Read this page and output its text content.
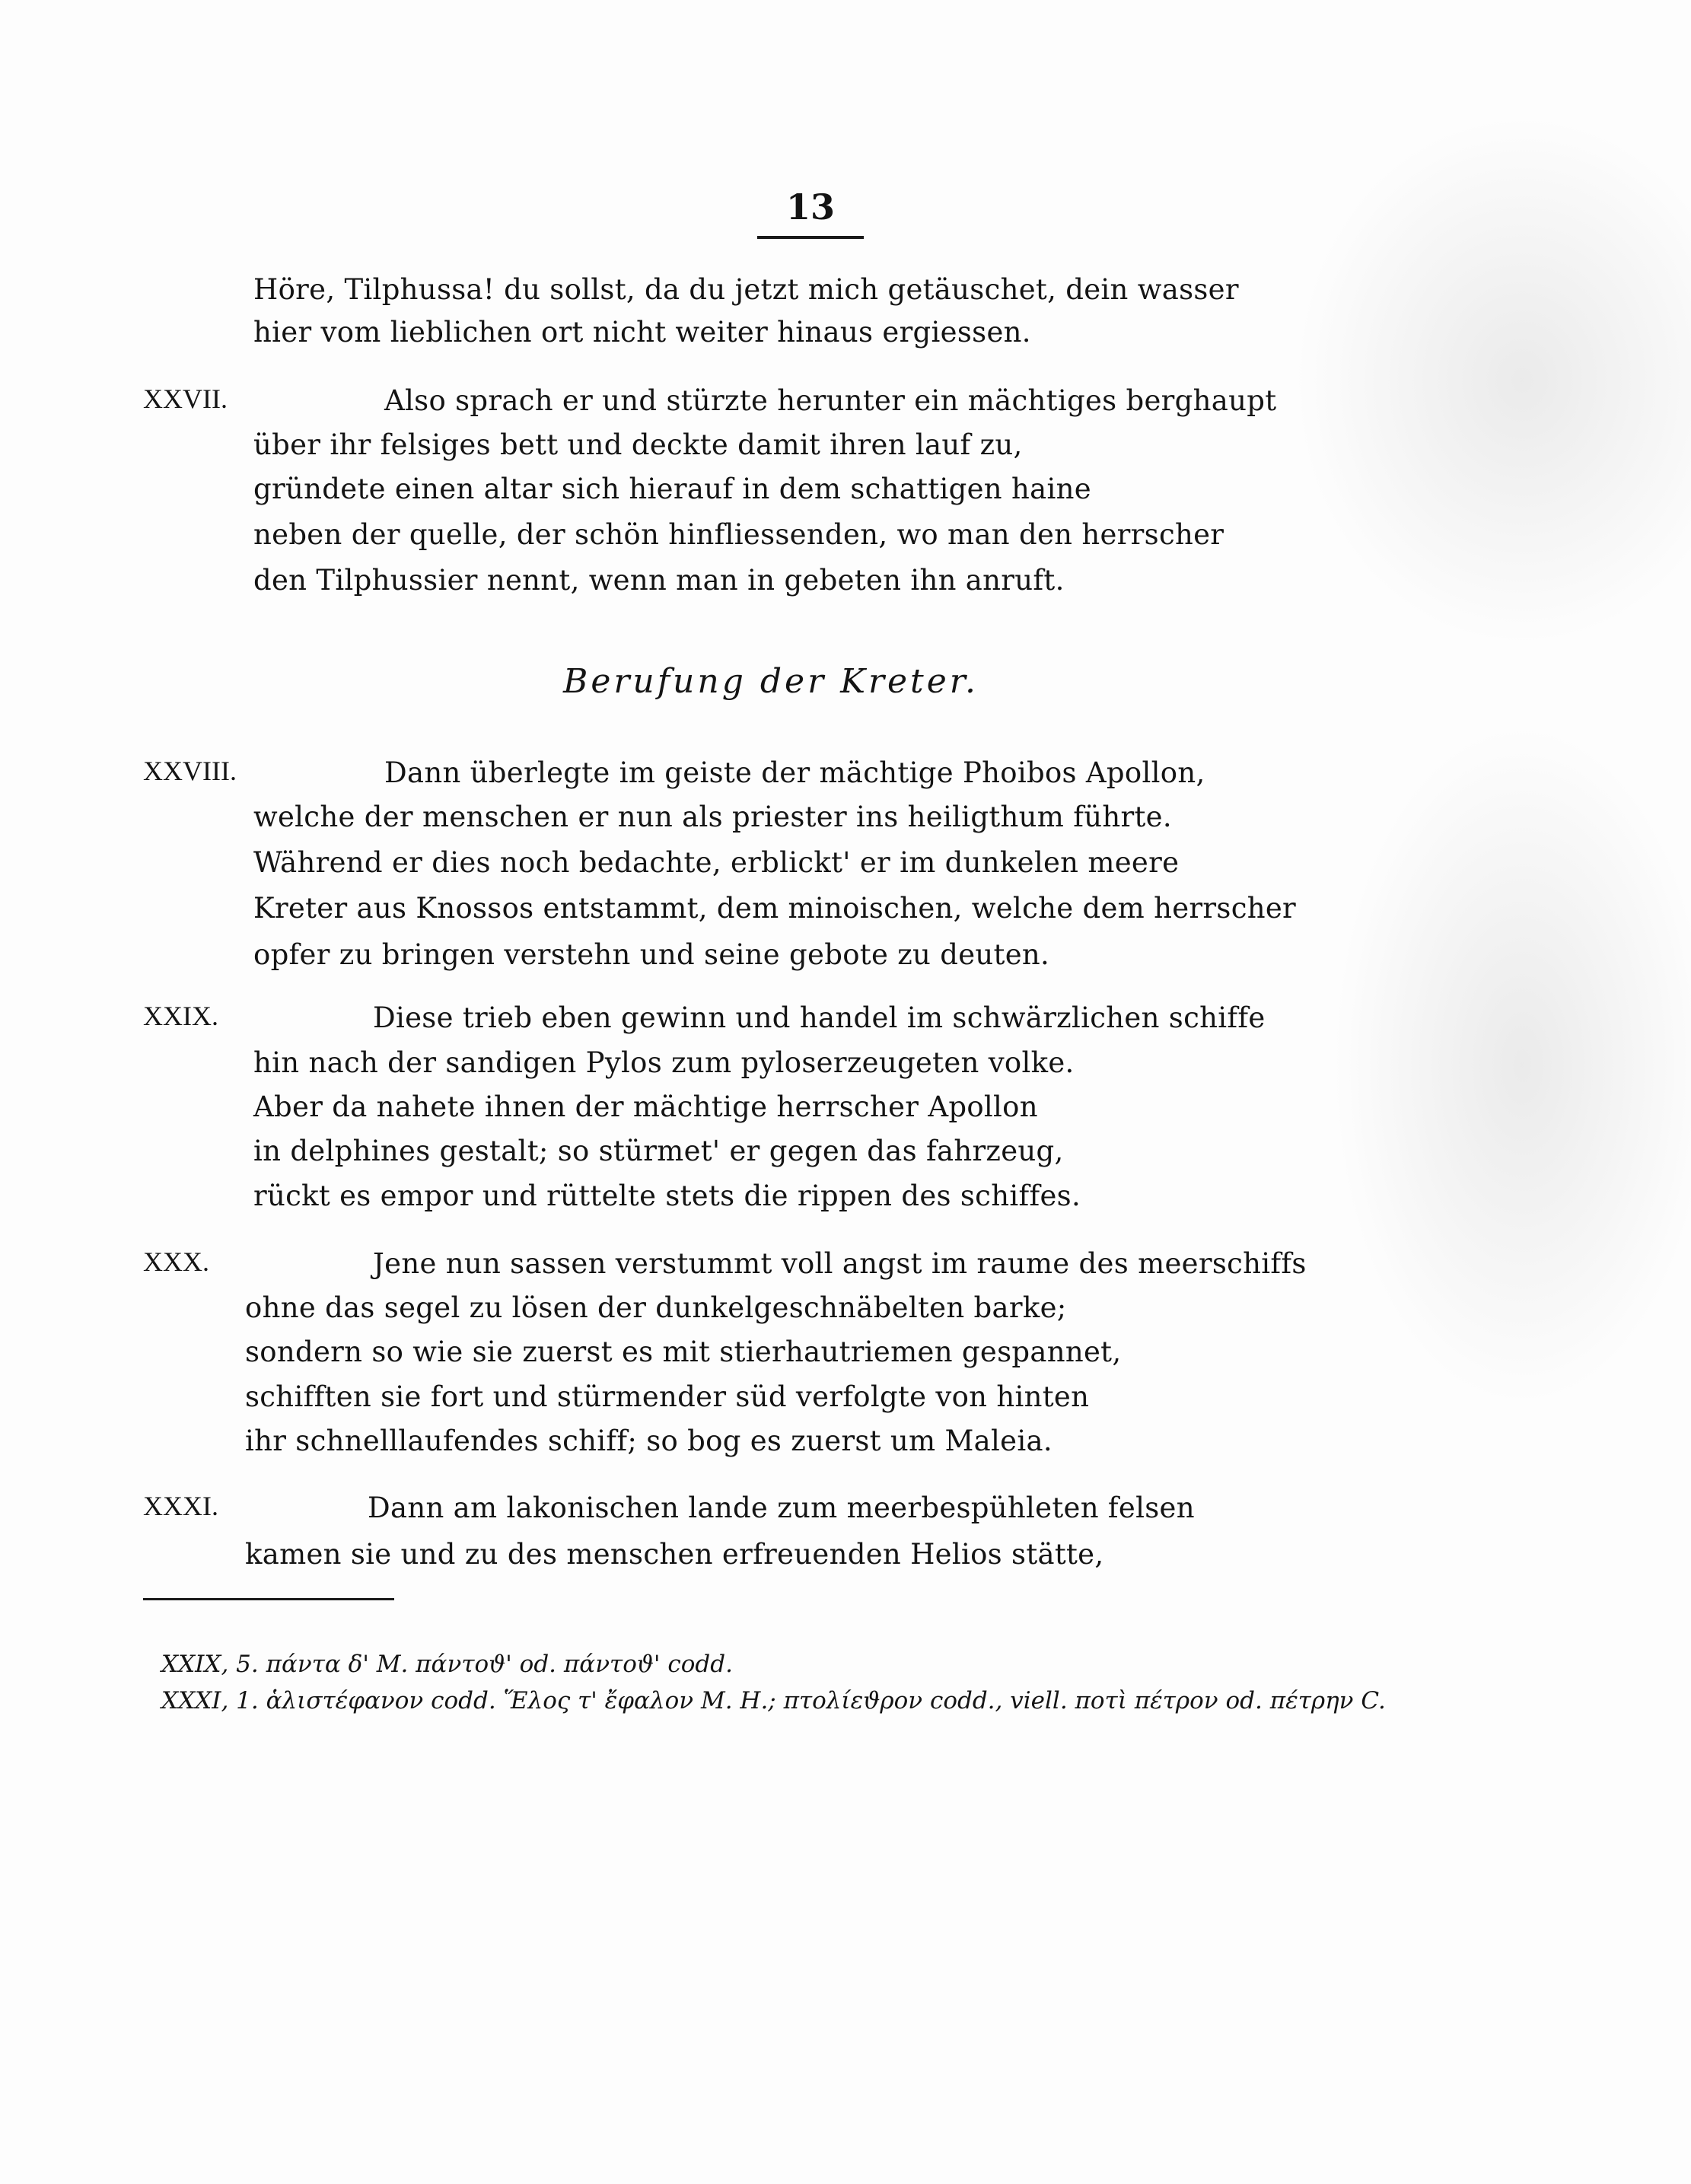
13
Höre, Tilphussa! du sollst, da du jetzt mich getäuschet, dein wasser
hier vom lieblichen ort nicht weiter hinaus ergiessen.
XXVII.	Also sprach er und stürzte herunter ein mächtiges berghaupt
über ihr felsiges bett und deckte damit ihren lauf zu,
gründete einen altar sich hierauf in dem schattigen haine
neben der quelle, der schön hinfliessenden, wo man den herrscher
den Tilphussier nennt, wenn man in gebeten ihn anruft.
Berufung der Kreter.
XXVIII.	Dann überlegte im geiste der mächtige Phoibos Apollon,
welche der menschen er nun als priester ins heiligthum führte.
Während er dies noch bedachte, erblickt' er im dunkelen meere
Kreter aus Knossos entstammt, dem minoischen, welche dem herrscher
opfer zu bringen verstehn und seine gebote zu deuten.
XXIX.	Diese trieb eben gewinn und handel im schwärzlichen schiffe
hin nach der sandigen Pylos zum pyloserzeugeten volke.
Aber da nahete ihnen der mächtige herrscher Apollon
in delphines gestalt; so stürmet' er gegen das fahrzeug,
rückt es empor und rüttelte stets die rippen des schiffes.
XXX.	Jene nun sassen verstummt voll angst im raume des meerschiffs
ohne das segel zu lösen der dunkelgeschnäbelten barke;
sondern so wie sie zuerst es mit stierhautriemen gespannet,
schifften sie fort und stürmender süd verfolgte von hinten
ihr schnelllaufendes schiff; so bog es zuerst um Maleia.
XXXI.	Dann am lakonischen lande zum meerbespühleten felsen
kamen sie und zu des menschen erfreuenden Helios stätte,
XXIX, 5. πάντα δ' M. πάντοϑ' od. πάντοϑ' codd.
XXXI, 1. ἁλιστέφανον codd. Ἕλος τ' ἔφαλον M. H.; πτολίεϑρον codd., viell. ποτὶ πέτρον od. πέτρην C.
